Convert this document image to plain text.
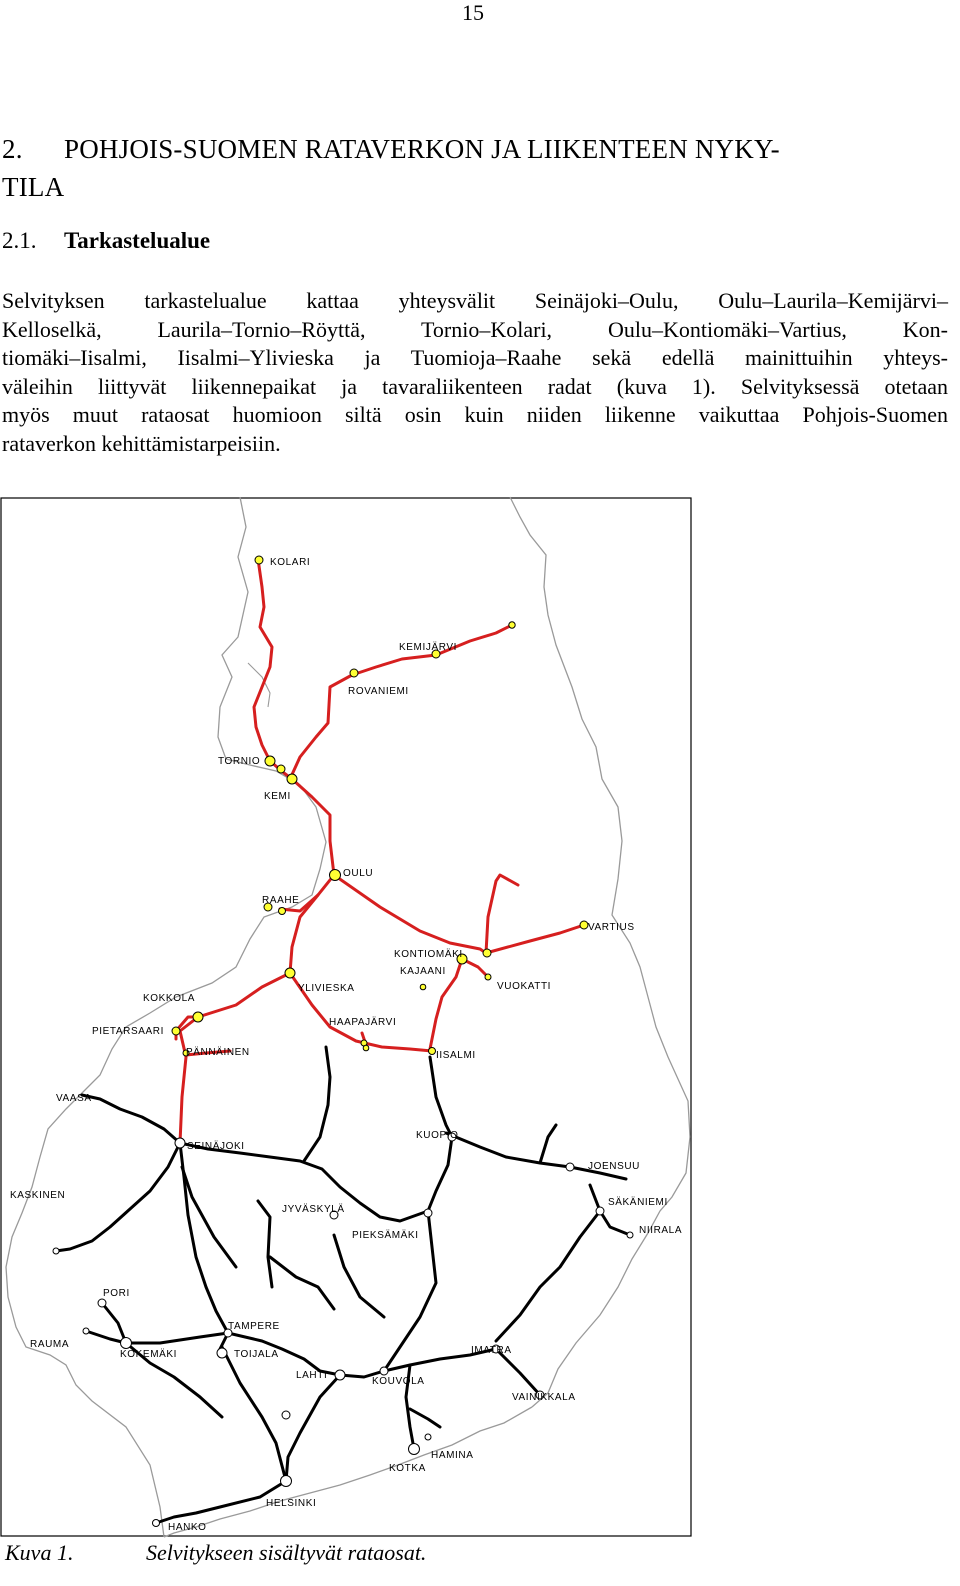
15
2. POHJOIS-SUOMEN RATAVERKON JA LIIKENTEEN NYKY-
TILA
2.1. Tarkastelualue
Selvityksen tarkastelualue kattaa yhteysvälit Seinäjoki–Oulu, Oulu–Laurila–Kemijärvi–
Kelloselkä, Laurila–Tornio–Röyttä, Tornio–Kolari, Oulu–Kontiomäki–Vartius, Kon-
tiomäki–Iisalmi, Iisalmi–Ylivieska ja Tuomioja–Raahe sekä edellä mainittuihin yhteys-
väleihin liittyvät liikennepaikat ja tavaraliikenteen radat (kuva 1). Selvityksessä otetaan
myös muut rataosat huomioon siltä osin kuin niiden liikenne vaikuttaa Pohjois-Suomen
rataverkon kehittämistarpeisiin.
KOLARI
KEMIJÄRVI
ROVANIEMI
TORNIO
KEMI
OULU
RAAHE
VARTIUS
KONTIOMÄKI
KAJAANI
KOKKOLA
YLIVIESKA	VUOKATTI
PIETARSAARI
HAAPAJÄRVI
PÄNNÄINEN	IISALMI
VAASA
KUOPIO
SEINÄJOKI
JOENSUU
KASKINEN
JYVÄSKYLÄ
SÄKÄNIEMI
PIEKSÄMÄKI	NIIRALA
PORI
TAMPERE
RAUMA
KOKEMÄKI	TOIJALA	IMATRA
LAHTI
KOUVOLA
VAINIKKALA
HAMINA
KOTKA
HELSINKI
HANKO
Kuva 1.	Selvitykseen sisältyvät rataosat.
